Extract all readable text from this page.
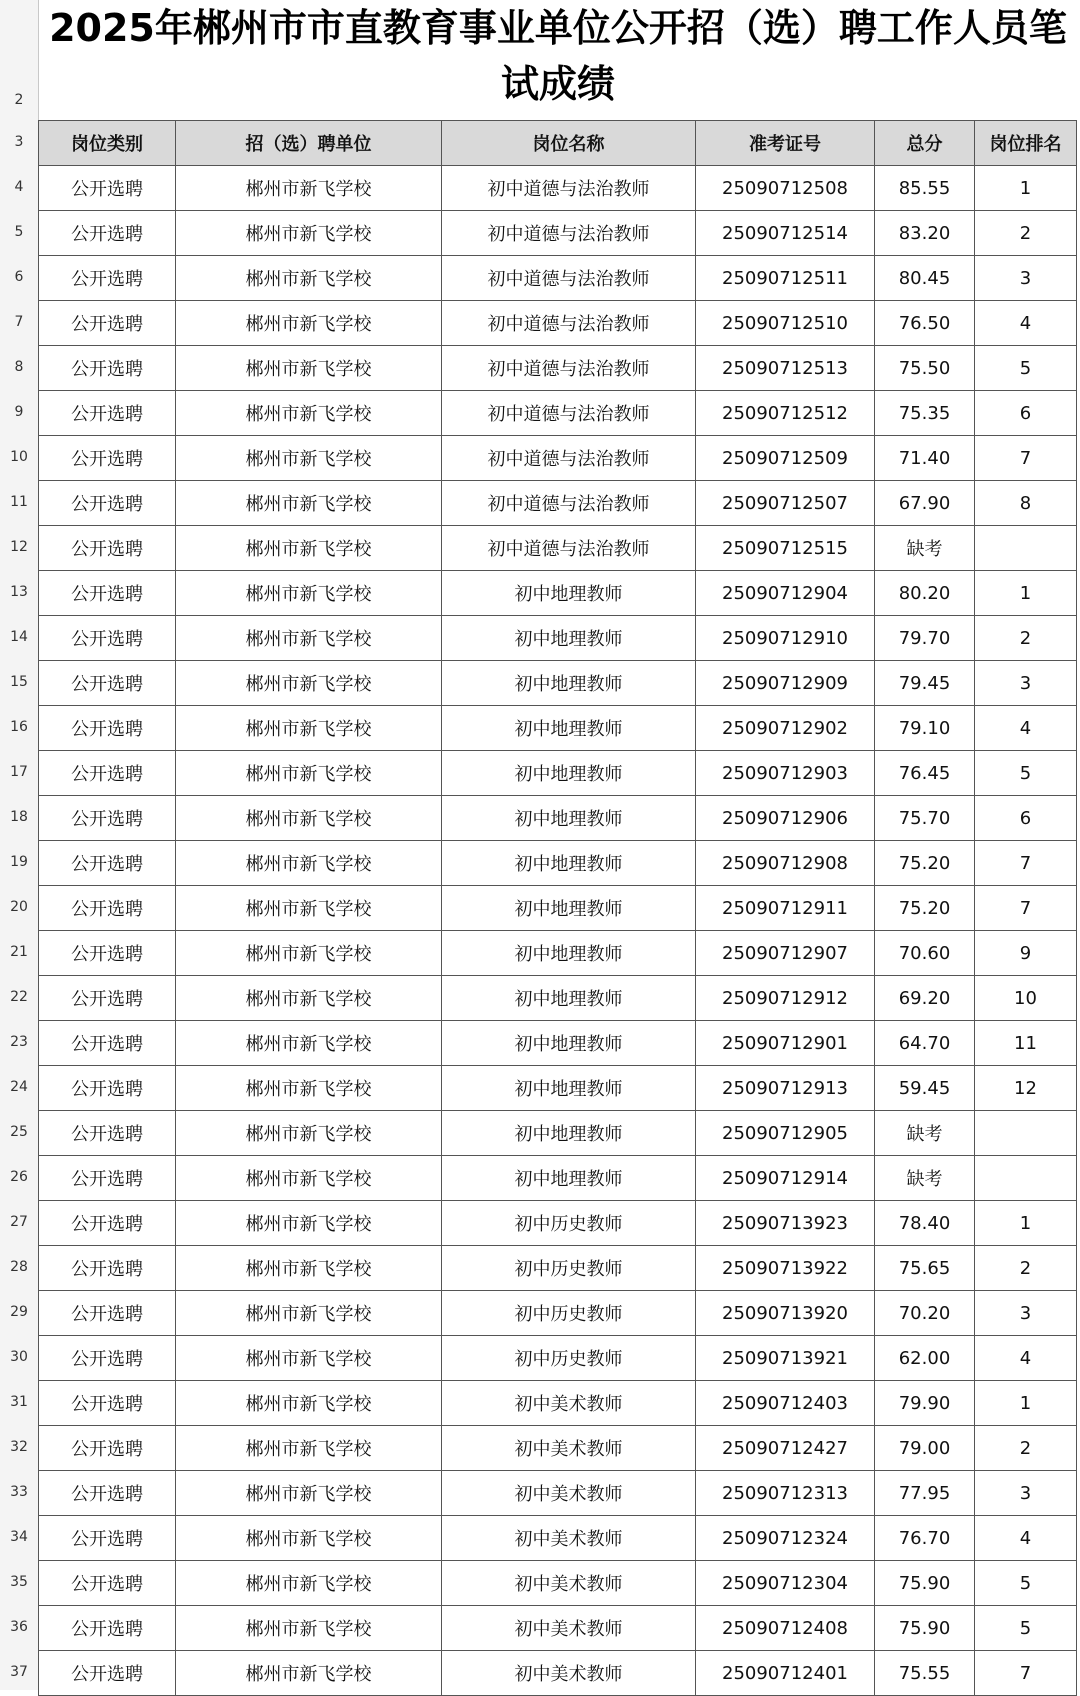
2
3
4
5
6
7
8
9
10
11
12
13
14
15
16
17
18
19
20
21
22
23
24
25
26
27
28
29
30
31
32
33
34
35
36
37
2025年郴州市市直教育事业单位公开招（选）聘工作人员笔
试成绩
岗位类别	招（选）聘单位	岗位名称	准考证号	总分	岗位排名
公开选聘	郴州市新飞学校	初中道德与法治教师	25090712508	85.55	1
公开选聘	郴州市新飞学校	初中道德与法治教师	25090712514	83.20	2
公开选聘	郴州市新飞学校	初中道德与法治教师	25090712511	80.45	3
公开选聘	郴州市新飞学校	初中道德与法治教师	25090712510	76.50	4
公开选聘	郴州市新飞学校	初中道德与法治教师	25090712513	75.50	5
公开选聘	郴州市新飞学校	初中道德与法治教师	25090712512	75.35	6
公开选聘	郴州市新飞学校	初中道德与法治教师	25090712509	71.40	7
公开选聘	郴州市新飞学校	初中道德与法治教师	25090712507	67.90	8
公开选聘	郴州市新飞学校	初中道德与法治教师	25090712515	缺考	
公开选聘	郴州市新飞学校	初中地理教师	25090712904	80.20	1
公开选聘	郴州市新飞学校	初中地理教师	25090712910	79.70	2
公开选聘	郴州市新飞学校	初中地理教师	25090712909	79.45	3
公开选聘	郴州市新飞学校	初中地理教师	25090712902	79.10	4
公开选聘	郴州市新飞学校	初中地理教师	25090712903	76.45	5
公开选聘	郴州市新飞学校	初中地理教师	25090712906	75.70	6
公开选聘	郴州市新飞学校	初中地理教师	25090712908	75.20	7
公开选聘	郴州市新飞学校	初中地理教师	25090712911	75.20	7
公开选聘	郴州市新飞学校	初中地理教师	25090712907	70.60	9
公开选聘	郴州市新飞学校	初中地理教师	25090712912	69.20	10
公开选聘	郴州市新飞学校	初中地理教师	25090712901	64.70	11
公开选聘	郴州市新飞学校	初中地理教师	25090712913	59.45	12
公开选聘	郴州市新飞学校	初中地理教师	25090712905	缺考	
公开选聘	郴州市新飞学校	初中地理教师	25090712914	缺考	
公开选聘	郴州市新飞学校	初中历史教师	25090713923	78.40	1
公开选聘	郴州市新飞学校	初中历史教师	25090713922	75.65	2
公开选聘	郴州市新飞学校	初中历史教师	25090713920	70.20	3
公开选聘	郴州市新飞学校	初中历史教师	25090713921	62.00	4
公开选聘	郴州市新飞学校	初中美术教师	25090712403	79.90	1
公开选聘	郴州市新飞学校	初中美术教师	25090712427	79.00	2
公开选聘	郴州市新飞学校	初中美术教师	25090712313	77.95	3
公开选聘	郴州市新飞学校	初中美术教师	25090712324	76.70	4
公开选聘	郴州市新飞学校	初中美术教师	25090712304	75.90	5
公开选聘	郴州市新飞学校	初中美术教师	25090712408	75.90	5
公开选聘	郴州市新飞学校	初中美术教师	25090712401	75.55	7
